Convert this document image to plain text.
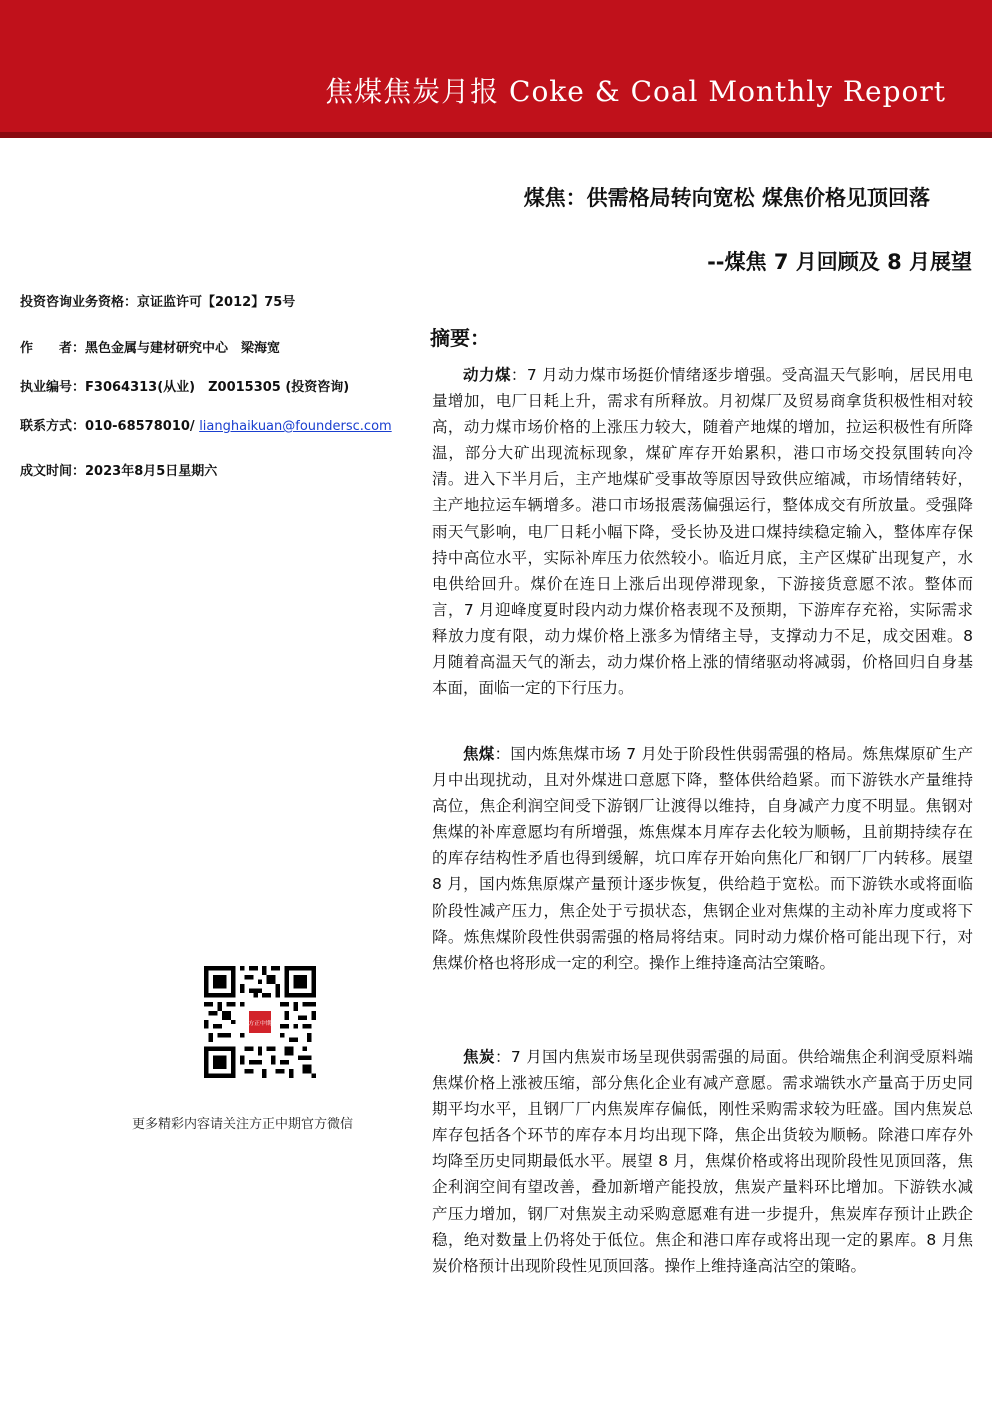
焦煤焦炭月报 Coke & Coal Monthly Report
煤焦：供需格局转向宽松 煤焦价格见顶回落
--煤焦 7 月回顾及 8 月展望
投资咨询业务资格：京证监许可【2012】75号
作　　者：黑色金属与建材研究中心　梁海宽
执业编号：F3064313(从业)　Z0015305 (投资咨询)
联系方式：010-68578010/ lianghaikuan@foundersc.com
成文时间：2023年8月5日星期六
方正中期
更多精彩内容请关注方正中期官方微信
摘要：

动力煤：7 月动力煤市场挺价情绪逐步增强。受高温天气影响，居民用电量增加，电厂日耗上升，需求有所释放。月初煤厂及贸易商拿货积极性相对较高，动力煤市场价格的上涨压力较大，随着产地煤的增加，拉运积极性有所降温，部分大矿出现流标现象，煤矿库存开始累积，港口市场交投氛围转向冷清。进入下半月后，主产地煤矿受事故等原因导致供应缩减，市场情绪转好，主产地拉运车辆增多。港口市场报震荡偏强运行，整体成交有所放量。受强降雨天气影响，电厂日耗小幅下降，受长协及进口煤持续稳定输入，整体库存保持中高位水平，实际补库压力依然较小。临近月底，主产区煤矿出现复产，水电供给回升。煤价在连日上涨后出现停滞现象，下游接货意愿不浓。整体而言，7 月迎峰度夏时段内动力煤价格表现不及预期，下游库存充裕，实际需求释放力度有限，动力煤价格上涨多为情绪主导，支撑动力不足，成交困难。8 月随着高温天气的渐去，动力煤价格上涨的情绪驱动将减弱，价格回归自身基本面，面临一定的下行压力。

焦煤：国内炼焦煤市场 7 月处于阶段性供弱需强的格局。炼焦煤原矿生产月中出现扰动，且对外煤进口意愿下降，整体供给趋紧。而下游铁水产量维持高位，焦企利润空间受下游钢厂让渡得以维持，自身减产力度不明显。焦钢对焦煤的补库意愿均有所增强，炼焦煤本月库存去化较为顺畅，且前期持续存在的库存结构性矛盾也得到缓解，坑口库存开始向焦化厂和钢厂厂内转移。展望 8 月，国内炼焦原煤产量预计逐步恢复，供给趋于宽松。而下游铁水或将面临阶段性减产压力，焦企处于亏损状态，焦钢企业对焦煤的主动补库力度或将下降。炼焦煤阶段性供弱需强的格局将结束。同时动力煤价格可能出现下行，对焦煤价格也将形成一定的利空。操作上维持逢高沽空策略。

焦炭：7 月国内焦炭市场呈现供弱需强的局面。供给端焦企利润受原料端焦煤价格上涨被压缩，部分焦化企业有减产意愿。需求端铁水产量高于历史同期平均水平，且钢厂厂内焦炭库存偏低，刚性采购需求较为旺盛。国内焦炭总库存包括各个环节的库存本月均出现下降，焦企出货较为顺畅。除港口库存外均降至历史同期最低水平。展望 8 月，焦煤价格或将出现阶段性见顶回落，焦企利润空间有望改善，叠加新增产能投放，焦炭产量料环比增加。下游铁水减产压力增加，钢厂对焦炭主动采购意愿难有进一步提升，焦炭库存预计止跌企稳，绝对数量上仍将处于低位。焦企和港口库存或将出现一定的累库。8 月焦炭价格预计出现阶段性见顶回落。操作上维持逢高沽空的策略。
